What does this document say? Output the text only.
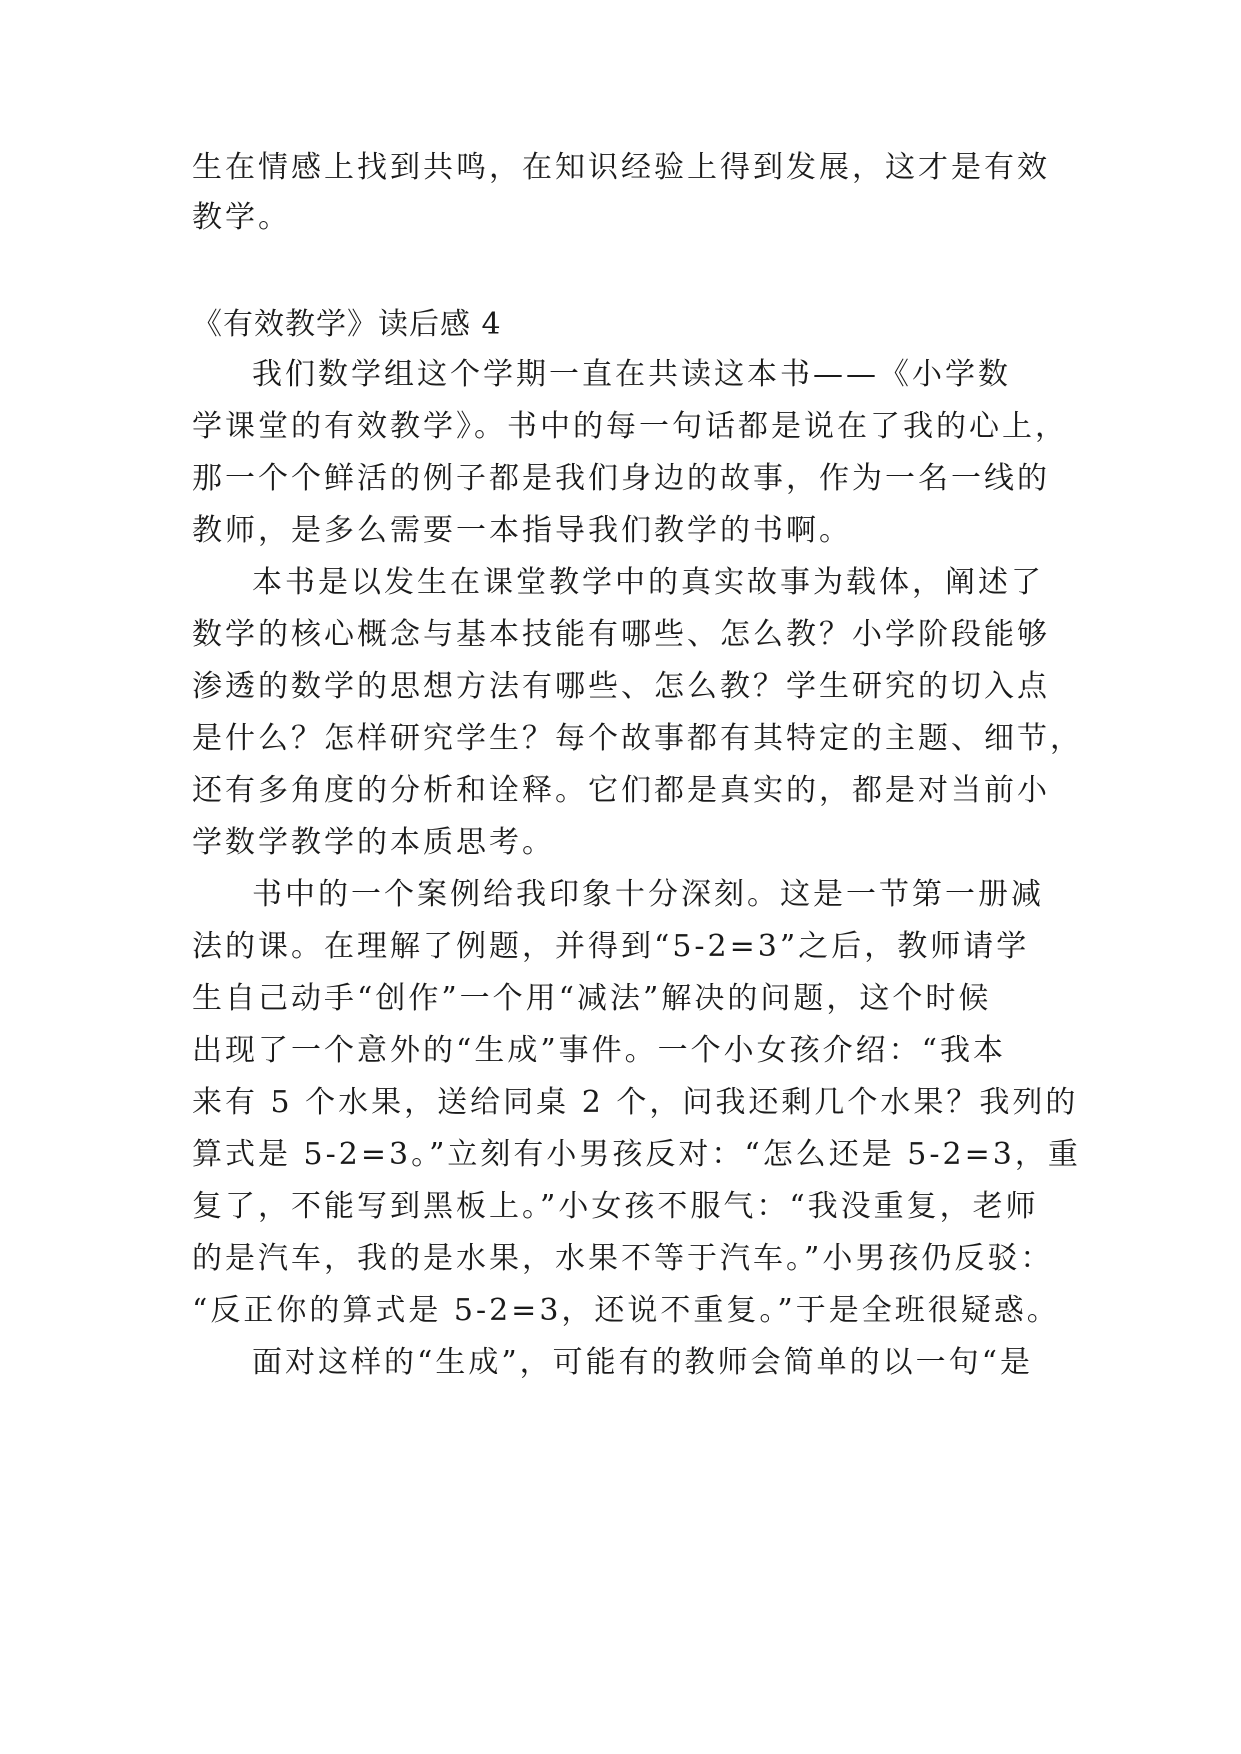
生在情感上找到共鸣，在知识经验上得到发展，这才是有效
教学。
《有效教学》读后感 4
我们数学组这个学期一直在共读这本书——《小学数
学课堂的有效教学》。书中的每一句话都是说在了我的心上，
那一个个鲜活的例子都是我们身边的故事，作为一名一线的
教师，是多么需要一本指导我们教学的书啊。
本书是以发生在课堂教学中的真实故事为载体，阐述了
数学的核心概念与基本技能有哪些、怎么教？小学阶段能够
渗透的数学的思想方法有哪些、怎么教？学生研究的切入点
是什么？怎样研究学生？每个故事都有其特定的主题、细节，
还有多角度的分析和诠释。它们都是真实的，都是对当前小
学数学教学的本质思考。
书中的一个案例给我印象十分深刻。这是一节第一册减
法的课。在理解了例题，并得到“5-2=3”之后，教师请学
生自己动手“创作”一个用“减法”解决的问题，这个时候
出现了一个意外的“生成”事件。一个小女孩介绍：“我本
来有 5 个水果，送给同桌 2 个，问我还剩几个水果？我列的
算式是 5-2=3。”立刻有小男孩反对：“怎么还是 5-2=3，重
复了，不能写到黑板上。”小女孩不服气：“我没重复，老师
的是汽车，我的是水果，水果不等于汽车。”小男孩仍反驳：
“反正你的算式是 5-2=3，还说不重复。”于是全班很疑惑。
面对这样的“生成”，可能有的教师会简单的以一句“是
